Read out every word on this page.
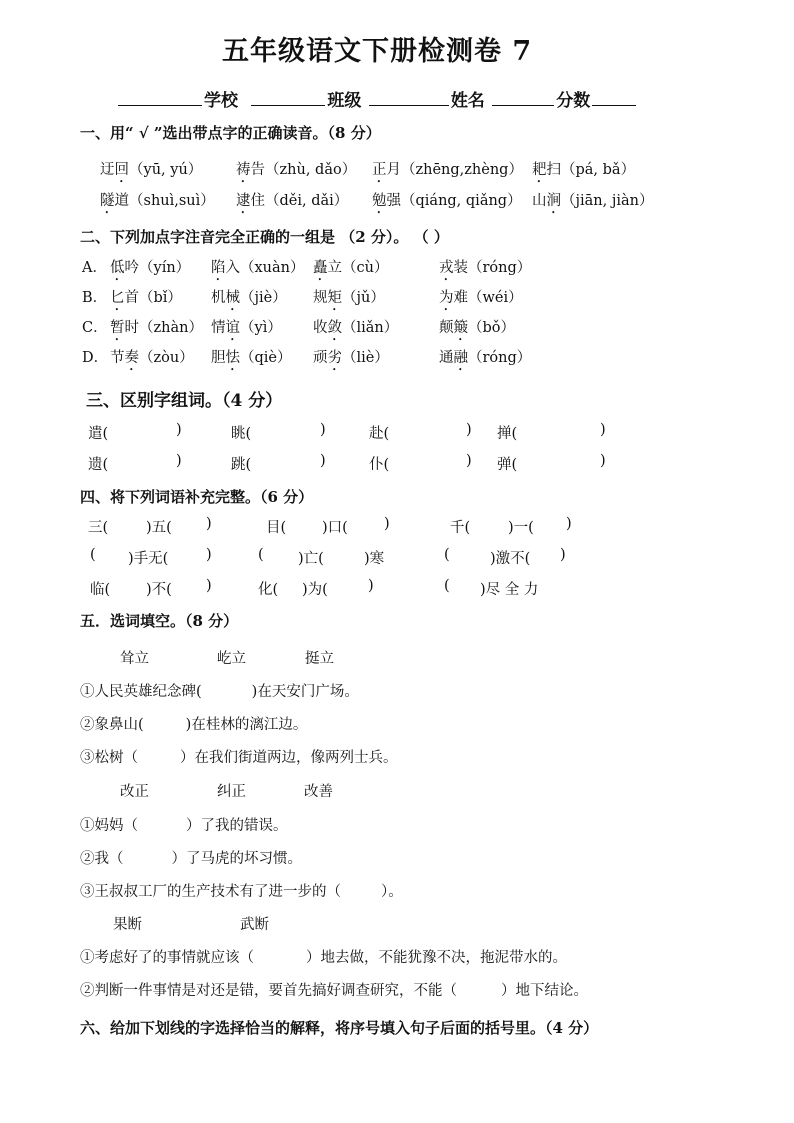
五年级语文下册检测卷 7
学校
	班级
	姓名
	分数
一、用“ √ ”选出带点字的正确读音。（8 分）
二、下列加点字注音完全正确的一组是 （2 分）。 （ ）
三、区别字组词。（4 分）
四、将下列词语补充完整。（6 分）
五．选词填空。（8 分）
六、给加下划线的字选择恰当的解释，将序号填入句子后面的括号里。（4 分）
迂回（yū, yú） 祷告（zhù, dǎo） 正月（zhēng,zhèng） 耙扫（pá, bǎ）
隧道（shuì,suì） 逮住（děi, dǎi） 勉强（qiáng, qiǎng） 山涧（jiān, jiàn）
A． 低吟（yín） 陷入（xuàn） 矗立（cù）	戎装（róng）
B． 匕首（bǐ） 机械（jiè） 规矩（jǔ）	为难（wéi）
C． 暂时（zhàn） 情谊（yì） 收敛（liǎn）	颠簸（bǒ）
D． 节奏（zòu） 胆怯（qiè） 顽劣（liè）	通融（róng）
遣(	)	眺(	)	赴(	) 掸(	)
遗(	)	跳(	)	仆(	) 弹(	)
三(	)五( )	目( )口( )	千(	)一( )
( )手无(	)	( )亡(	)寒	(	)激不( )
临( )不( )	化( )为(	)	( )尽 全 力
耸立	屹立	挺立
①人民英雄纪念碑(	)在天安门广场。
②象鼻山(	)在桂林的漓江边。
③松树（	）在我们街道两边，像两列士兵。
改正	纠正	改善
①妈妈（	）了我的错误。
②我（	）了马虎的坏习惯。
③王叔叔工厂的生产技术有了进一步的（	）。
果断	武断
①考虑好了的事情就应该（	）地去做，不能犹豫不决，拖泥带水的。
②判断一件事情是对还是错，要首先搞好调查研究，不能（	）地下结论。
